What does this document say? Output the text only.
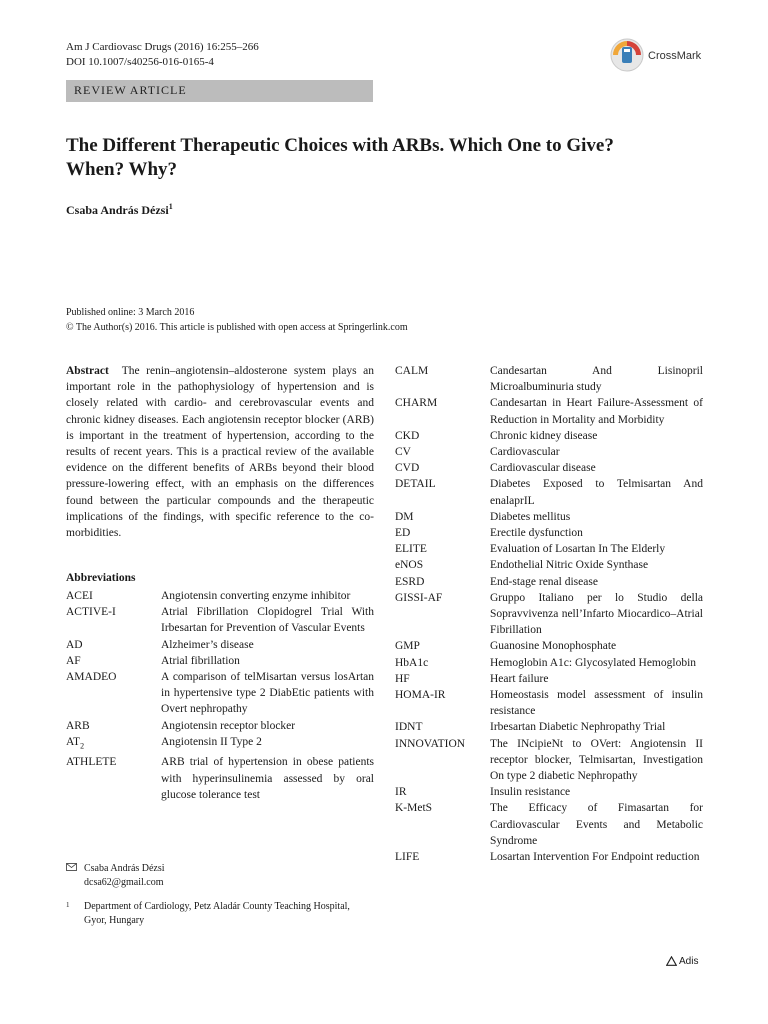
Am J Cardiovasc Drugs (2016) 16:255–266
DOI 10.1007/s40256-016-0165-4	CrossMark
REVIEW ARTICLE
The Different Therapeutic Choices with ARBs. Which One to Give? When? Why?
Csaba András Dézsi$^1$
Published online: 3 March 2016
© The Author(s) 2016. This article is published with open access at Springerlink.com
Abstract The renin–angiotensin–aldosterone system plays an important role in the pathophysiology of hypertension and is closely related with cardio- and cerebrovascular events and chronic kidney diseases. Each angiotensin receptor blocker (ARB) is important in the treatment of hypertension, according to the results of recent years. This is a practical review of the available evidence on the different benefits of ARBs beyond their blood pressure-lowering effect, with an emphasis on the differences found between the particular compounds and the therapeutic implications of the findings, with specific reference to the co-morbidities.
Abbreviations
ACEI	Angiotensin converting enzyme inhibitor
ACTIVE-I	Atrial Fibrillation Clopidogrel Trial With Irbesartan for Prevention of Vascular Events
AD	Alzheimer’s disease
AF	Atrial fibrillation
AMADEO	A comparison of telMisartan versus losArtan in hypertensive type 2 DiabEtic patients with Overt nephropathy
ARB	Angiotensin receptor blocker
$AT_2$	Angiotensin II Type 2
ATHLETE	ARB trial of hypertension in obese patients with hyperinsulinemia assessed by oral glucose tolerance test
CALM	Candesartan And Lisinopril Microalbuminuria study
CHARM	Candesartan in Heart Failure-Assessment of Reduction in Mortality and Morbidity
CKD	Chronic kidney disease
CV	Cardiovascular
CVD	Cardiovascular disease
DETAIL	Diabetes Exposed to Telmisartan And enalaprIL
DM	Diabetes mellitus
ED	Erectile dysfunction
ELITE	Evaluation of Losartan In The Elderly
eNOS	Endothelial Nitric Oxide Synthase
ESRD	End-stage renal disease
GISSI-AF	Gruppo Italiano per lo Studio della Sopravvivenza nell’Infarto Miocardico–Atrial Fibrillation
GMP	Guanosine Monophosphate
HbA1c	Hemoglobin A1c: Glycosylated Hemoglobin
HF	Heart failure
HOMA-IR	Homeostasis model assessment of insulin resistance
IDNT	Irbesartan Diabetic Nephropathy Trial
INNOVATION	The INcipieNt to OVert: Angiotensin II receptor blocker, Telmisartan, Investigation On type 2 diabetic Nephropathy
IR	Insulin resistance
K-MetS	The Efficacy of Fimasartan for Cardiovascular Events and Metabolic Syndrome
LIFE	Losartan Intervention For Endpoint reduction
Csaba András Dézsi
dcsa62@gmail.com
1 Department of Cardiology, Petz Aladár County Teaching Hospital, Gyor, Hungary
Adis
